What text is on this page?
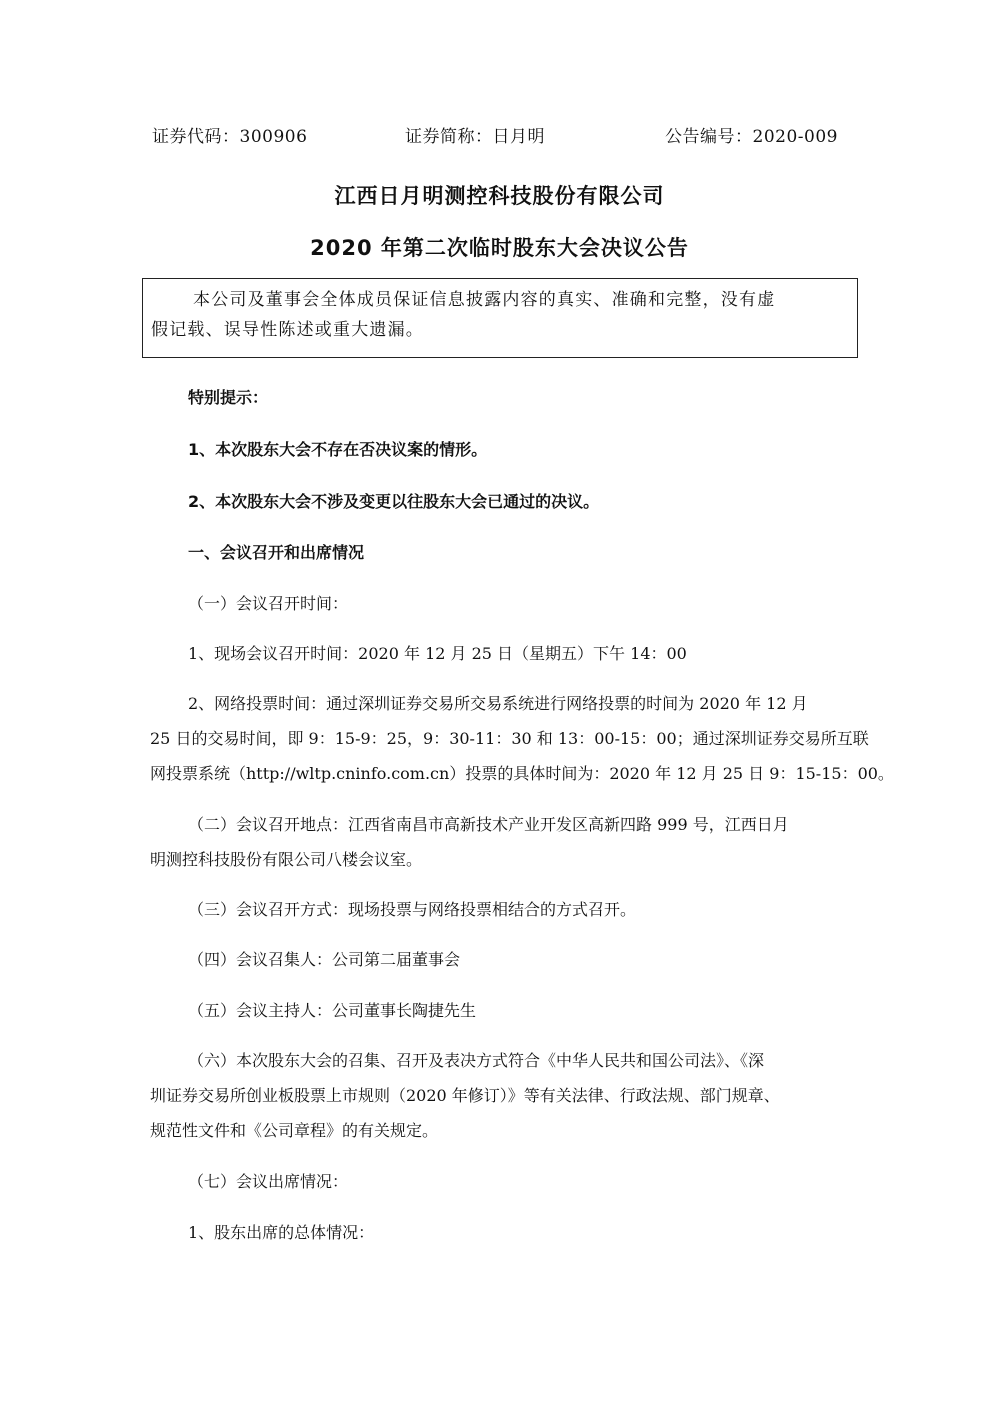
证券代码：300906	证券简称：日月明	公告编号：2020-009
江西日月明测控科技股份有限公司
2020 年第二次临时股东大会决议公告
本公司及董事会全体成员保证信息披露内容的真实、准确和完整，没有虚
假记载、误导性陈述或重大遗漏。
特别提示：
1、本次股东大会不存在否决议案的情形。
2、本次股东大会不涉及变更以往股东大会已通过的决议。
一、会议召开和出席情况
（一）会议召开时间：
1、现场会议召开时间：2020 年 12 月 25 日（星期五）下午 14：00
2、网络投票时间：通过深圳证券交易所交易系统进行网络投票的时间为 2020 年 12 月
25 日的交易时间，即 9：15-9：25，9：30-11：30 和 13：00-15：00；通过深圳证券交易所互联
网投票系统（http://wltp.cninfo.com.cn）投票的具体时间为：2020 年 12 月 25 日 9：15-15：00。
（二）会议召开地点：江西省南昌市高新技术产业开发区高新四路 999 号，江西日月
明测控科技股份有限公司八楼会议室。
（三）会议召开方式：现场投票与网络投票相结合的方式召开。
（四）会议召集人：公司第二届董事会
（五）会议主持人：公司董事长陶捷先生
（六）本次股东大会的召集、召开及表决方式符合《中华人民共和国公司法》、《深
圳证券交易所创业板股票上市规则（2020 年修订）》等有关法律、行政法规、部门规章、
规范性文件和《公司章程》的有关规定。
（七）会议出席情况：
1、股东出席的总体情况：
